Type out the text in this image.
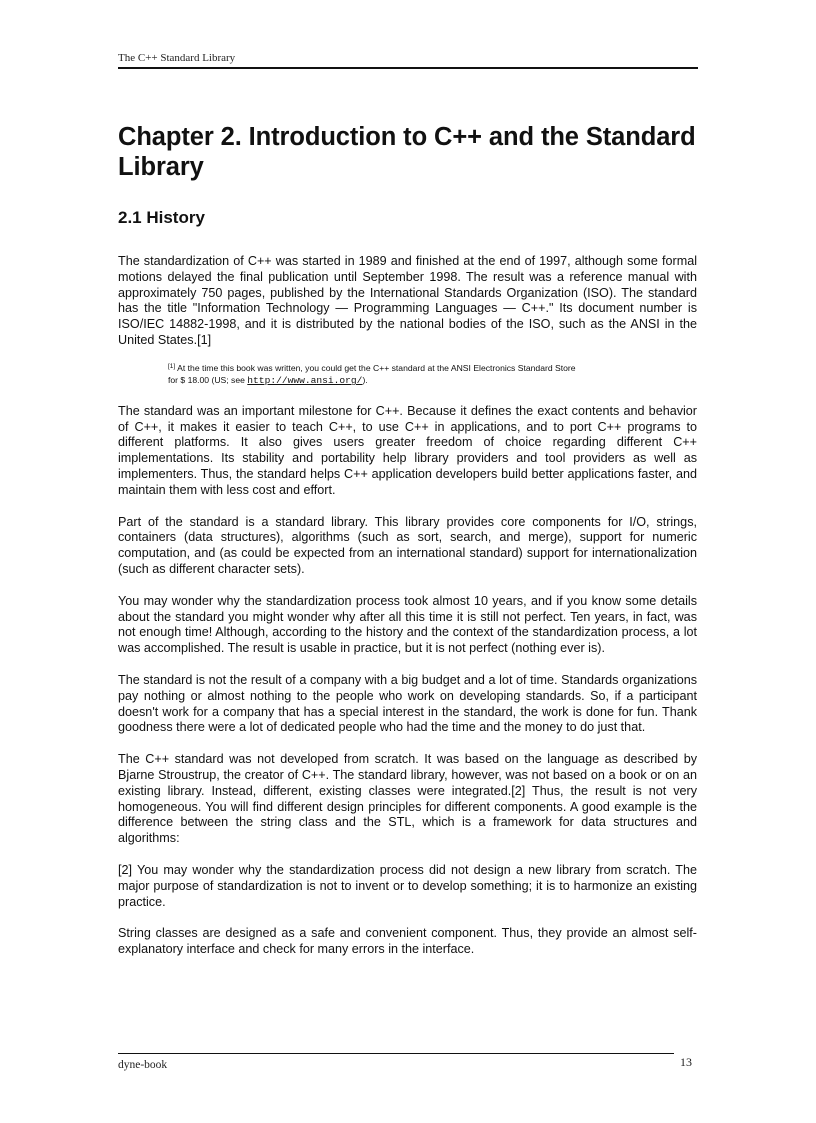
The C++ Standard Library
Chapter 2. Introduction to C++ and the Standard Library
2.1 History

The standardization of C++ was started in 1989 and finished at the end of 1997, although some formal motions delayed the final publication until September 1998. The result was a reference manual with approximately 750 pages, published by the International Standards Organization (ISO). The standard has the title "Information Technology — Programming Languages — C++." Its document number is ISO/IEC 14882-1998, and it is distributed by the national bodies of the ISO, such as the ANSI in the United States.[1]

[1] At the time this book was written, you could get the C++ standard at the ANSI Electronics Standard Store
for $ 18.00 (US; see http://www.ansi.org/).

The standard was an important milestone for C++. Because it defines the exact contents and behavior of C++, it makes it easier to teach C++, to use C++ in applications, and to port C++ programs to different platforms. It also gives users greater freedom of choice regarding different C++ implementations. Its stability and portability help library providers and tool providers as well as implementers. Thus, the standard helps C++ application developers build better applications faster, and maintain them with less cost and effort.

Part of the standard is a standard library. This library provides core components for I/O, strings, containers (data structures), algorithms (such as sort, search, and merge), support for numeric computation, and (as could be expected from an international standard) support for internationalization (such as different character sets).

You may wonder why the standardization process took almost 10 years, and if you know some details about the standard you might wonder why after all this time it is still not perfect. Ten years, in fact, was not enough time! Although, according to the history and the context of the standardization process, a lot was accomplished. The result is usable in practice, but it is not perfect (nothing ever is).

The standard is not the result of a company with a big budget and a lot of time. Standards organizations pay nothing or almost nothing to the people who work on developing standards. So, if a participant doesn't work for a company that has a special interest in the standard, the work is done for fun. Thank goodness there were a lot of dedicated people who had the time and the money to do just that.

The C++ standard was not developed from scratch. It was based on the language as described by Bjarne Stroustrup, the creator of C++. The standard library, however, was not based on a book or on an existing library. Instead, different, existing classes were integrated.[2] Thus, the result is not very homogeneous. You will find different design principles for different components. A good example is the difference between the string class and the STL, which is a framework for data structures and algorithms:

[2] You may wonder why the standardization process did not design a new library from scratch. The major purpose of standardization is not to invent or to develop something; it is to harmonize an existing practice.

String classes are designed as a safe and convenient component. Thus, they provide an almost self-explanatory interface and check for many errors in the interface.

dyne-book	13
